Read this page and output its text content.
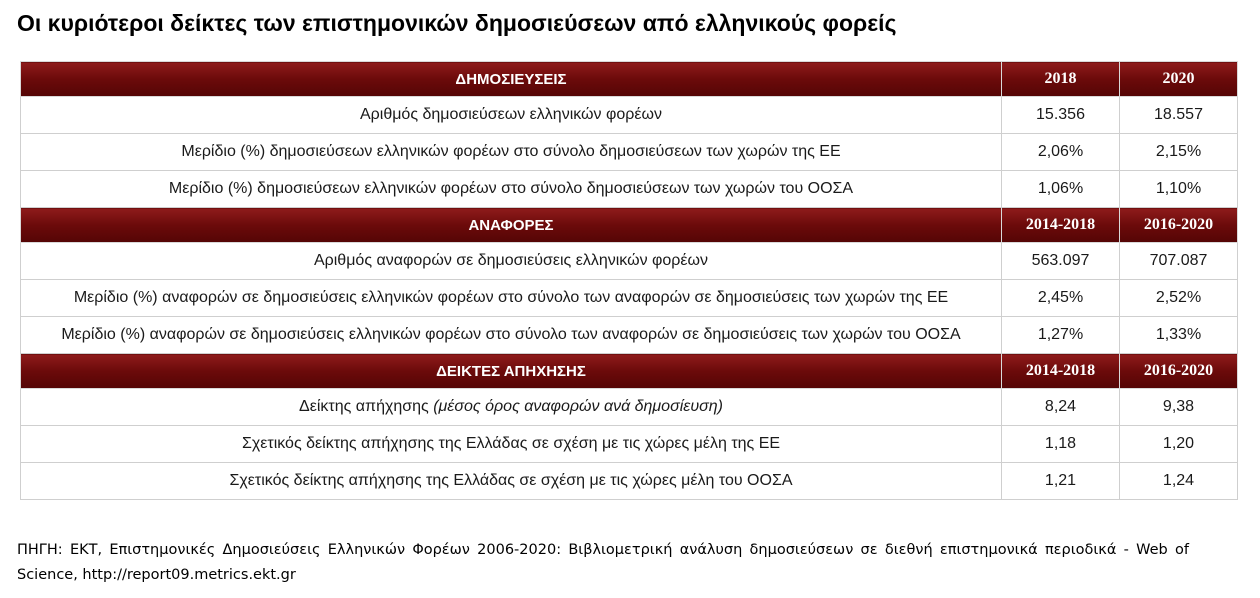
Οι κυριότεροι δείκτες των επιστημονικών δημοσιεύσεων από ελληνικούς φορείς
ΔΗΜΟΣΙΕΥΣΕΙΣ	2018	2020
Αριθμός δημοσιεύσεων ελληνικών φορέων	15.356	18.557
Μερίδιο (%) δημοσιεύσεων ελληνικών φορέων στο σύνολο δημοσιεύσεων των χωρών της ΕΕ	2,06%	2,15%
Μερίδιο (%) δημοσιεύσεων ελληνικών φορέων στο σύνολο δημοσιεύσεων των χωρών του ΟΟΣΑ	1,06%	1,10%
ΑΝΑΦΟΡΕΣ	2014-2018	2016-2020
Αριθμός αναφορών σε δημοσιεύσεις ελληνικών φορέων	563.097	707.087
Μερίδιο (%) αναφορών σε δημοσιεύσεις ελληνικών φορέων στο σύνολο των αναφορών σε δημοσιεύσεις των χωρών της ΕΕ	2,45%	2,52%
Μερίδιο (%) αναφορών σε δημοσιεύσεις ελληνικών φορέων στο σύνολο των αναφορών σε δημοσιεύσεις των χωρών του ΟΟΣΑ	1,27%	1,33%
ΔΕΙΚΤΕΣ ΑΠΗΧΗΣΗΣ	2014-2018	2016-2020
Δείκτης απήχησης (μέσος όρος αναφορών ανά δημοσίευση)	8,24	9,38
Σχετικός δείκτης απήχησης της Ελλάδας σε σχέση με τις χώρες μέλη της ΕΕ	1,18	1,20
Σχετικός δείκτης απήχησης της Ελλάδας σε σχέση με τις χώρες μέλη του ΟΟΣΑ	1,21	1,24
ΠΗΓΗ: ΕΚΤ, Επιστημονικές Δημοσιεύσεις Ελληνικών Φορέων 2006-2020: Βιβλιομετρική ανάλυση δημοσιεύσεων σε διεθνή επιστημονικά περιοδικά - Web of Science, http://report09.metrics.ekt.gr
